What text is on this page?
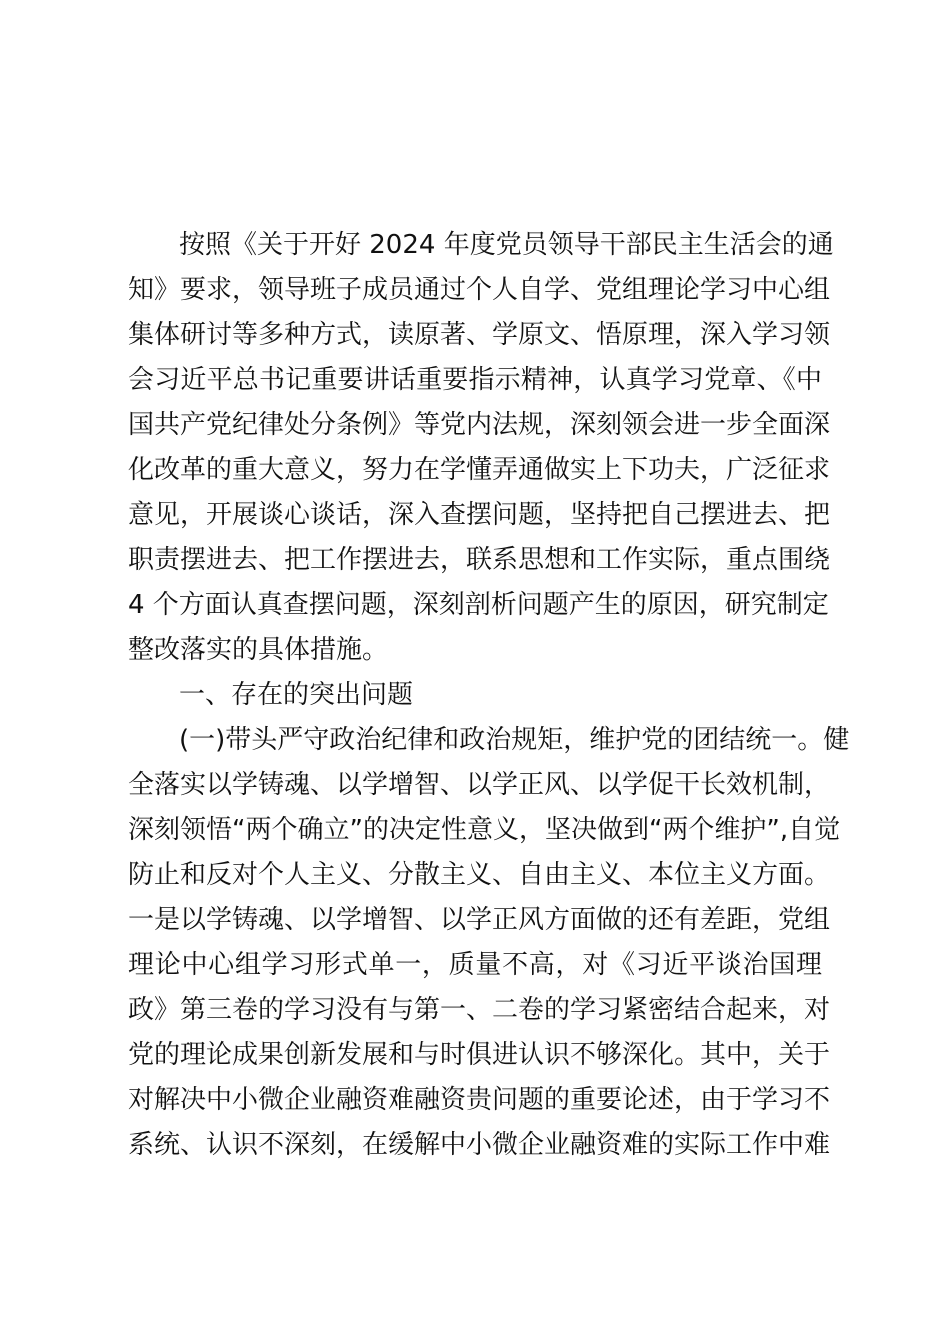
按照《关于开好 2024 年度党员领导干部民主生活会的通
知》要求，领导班子成员通过个人自学、党组理论学习中心组
集体研讨等多种方式，读原著、学原文、悟原理，深入学习领
会习近平总书记重要讲话重要指示精神，认真学习党章、《中
国共产党纪律处分条例》等党内法规，深刻领会进一步全面深
化改革的重大意义，努力在学懂弄通做实上下功夫，广泛征求
意见，开展谈心谈话，深入查摆问题，坚持把自己摆进去、把
职责摆进去、把工作摆进去，联系思想和工作实际，重点围绕
4 个方面认真查摆问题，深刻剖析问题产生的原因，研究制定
整改落实的具体措施。
一、存在的突出问题
(一)带头严守政治纪律和政治规矩，维护党的团结统一。健
全落实以学铸魂、以学增智、以学正风、以学促干长效机制，
深刻领悟“两个确立”的决定性意义，坚决做到“两个维护”,自觉
防止和反对个人主义、分散主义、自由主义、本位主义方面。
一是以学铸魂、以学增智、以学正风方面做的还有差距，党组
理论中心组学习形式单一，质量不高，对《习近平谈治国理
政》第三卷的学习没有与第一、二卷的学习紧密结合起来，对
党的理论成果创新发展和与时俱进认识不够深化。其中，关于
对解决中小微企业融资难融资贵问题的重要论述，由于学习不
系统、认识不深刻，在缓解中小微企业融资难的实际工作中难
